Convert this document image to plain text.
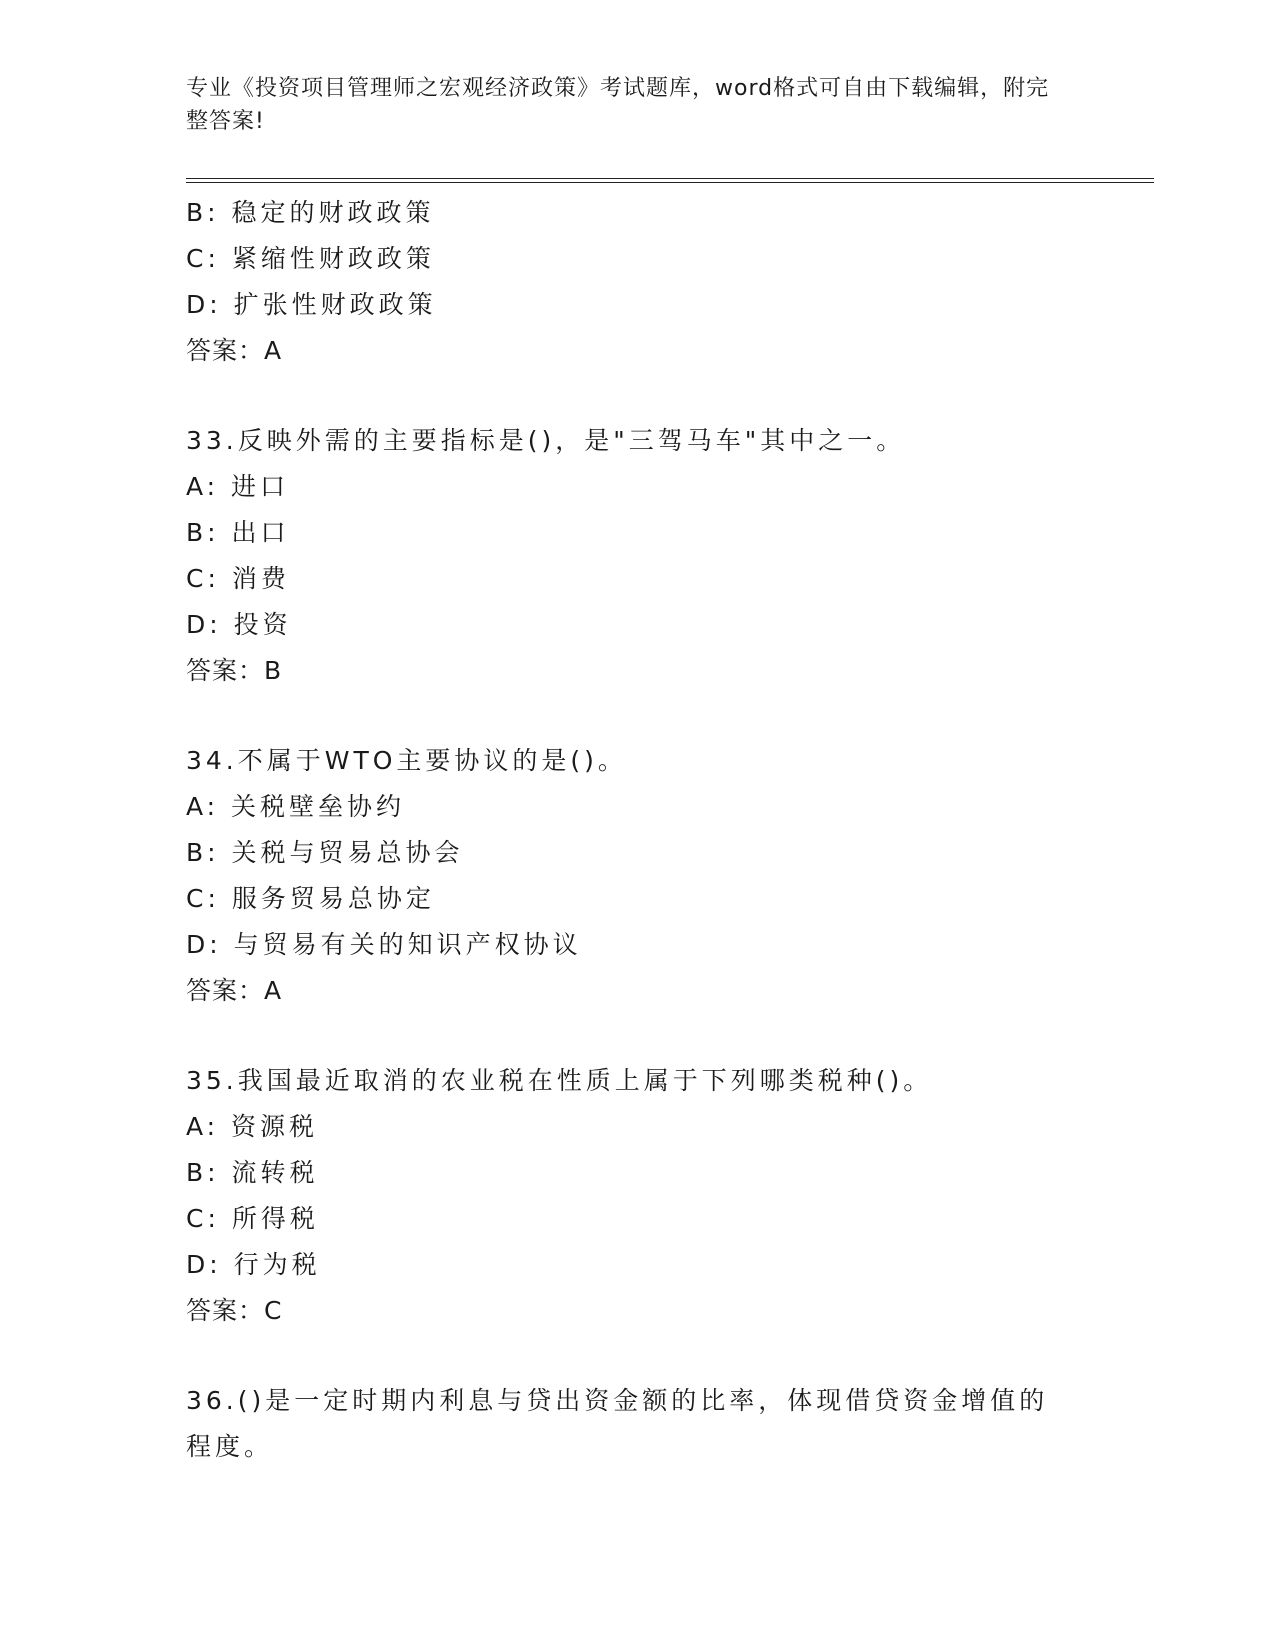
专业《投资项目管理师之宏观经济政策》考试题库，word格式可自由下载编辑，附完整答案!
B: 稳定的财政政策
C: 紧缩性财政政策
D: 扩张性财政政策
答案：A
33.反映外需的主要指标是()，是"三驾马车"其中之一。
A: 进口
B: 出口
C: 消费
D: 投资
答案：B
34.不属于WTO主要协议的是()。
A: 关税壁垒协约
B: 关税与贸易总协会
C: 服务贸易总协定
D: 与贸易有关的知识产权协议
答案：A
35.我国最近取消的农业税在性质上属于下列哪类税种()。
A: 资源税
B: 流转税
C: 所得税
D: 行为税
答案：C
36.()是一定时期内利息与贷出资金额的比率，体现借贷资金增值的程度。
